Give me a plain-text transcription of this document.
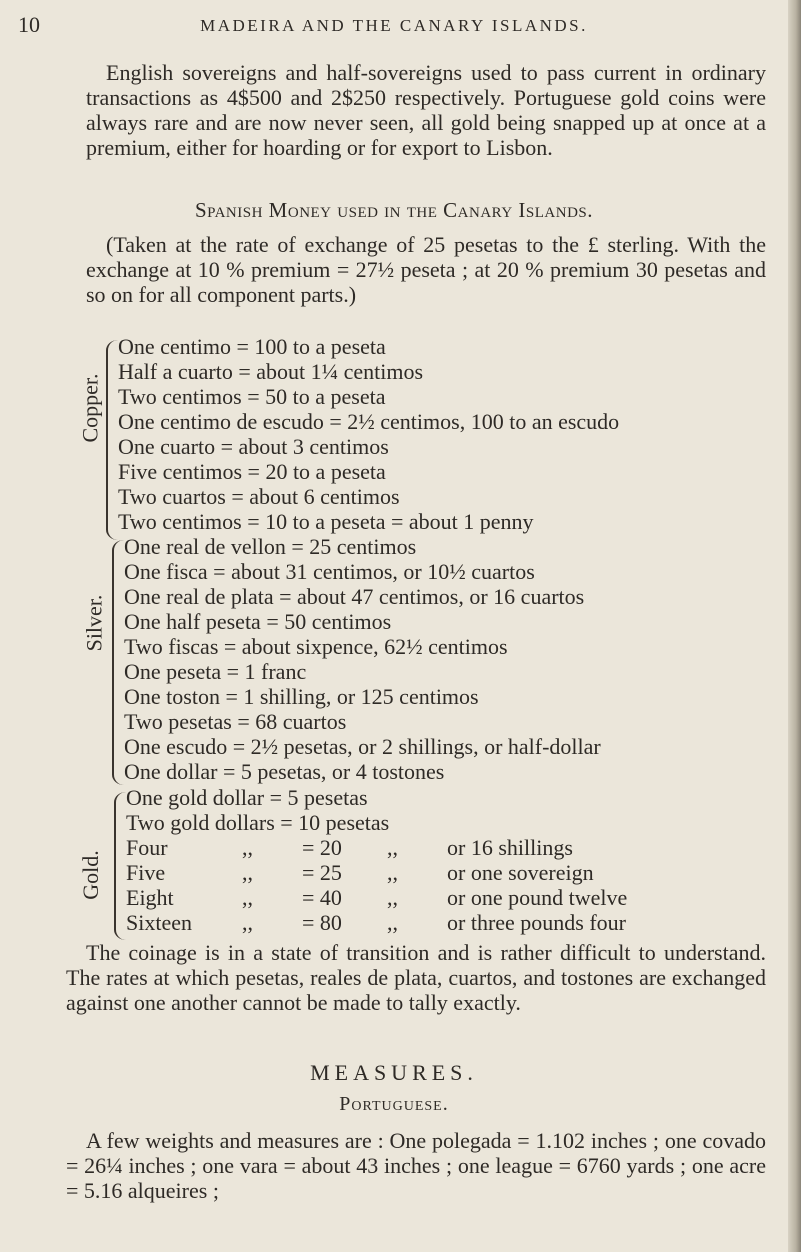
10	MADEIRA AND THE CANARY ISLANDS.

English sovereigns and half-sovereigns used to pass current in ordinary transactions as 4$500 and 2$250 respectively. Portuguese gold coins were always rare and are now never seen, all gold being snapped up at once at a premium, either for hoarding or for export to Lisbon.

Spanish Money used in the Canary Islands.

(Taken at the rate of exchange of 25 pesetas to the £ sterling. With the exchange at 10 % premium = 27½ peseta ; at 20 % premium 30 pesetas and so on for all component parts.)

Copper.
One centimo = 100 to a peseta
Half a cuarto = about 1¼ centimos
Two centimos = 50 to a peseta
One centimo de escudo = 2½ centimos, 100 to an escudo
One cuarto = about 3 centimos
Five centimos = 20 to a peseta
Two cuartos = about 6 centimos
Two centimos = 10 to a peseta = about 1 penny
Silver.
One real de vellon = 25 centimos
One fisca = about 31 centimos, or 10½ cuartos
One real de plata = about 47 centimos, or 16 cuartos
One half peseta = 50 centimos
Two fiscas = about sixpence, 62½ centimos
One peseta = 1 franc
One toston = 1 shilling, or 125 centimos
Two pesetas = 68 cuartos
One escudo = 2½ pesetas, or 2 shillings, or half-dollar
One dollar = 5 pesetas, or 4 tostones
Gold.
One gold dollar = 5 pesetas
Two gold dollars = 10 pesetas
Four	,,	= 20	,,	or 16 shillings
Five	,,	= 25	,,	or one sovereign
Eight	,,	= 40	,,	or one pound twelve
Sixteen	,,	= 80	,,	or three pounds four

The coinage is in a state of transition and is rather difficult to understand. The rates at which pesetas, reales de plata, cuartos, and tostones are exchanged against one another cannot be made to tally exactly.

MEASURES.
Portuguese.

A few weights and measures are : One polegada = 1.102 inches ; one covado = 26¼ inches ; one vara = about 43 inches ; one league = 6760 yards ; one acre = 5.16 alqueires ;
